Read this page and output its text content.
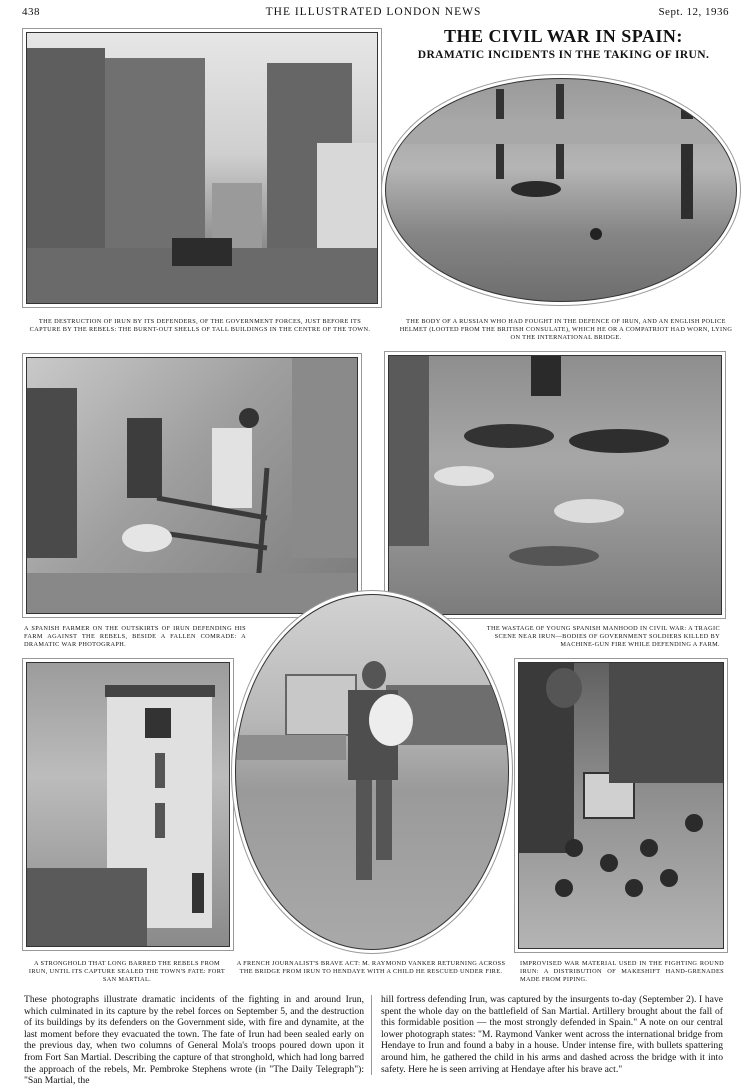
438	THE ILLUSTRATED LONDON NEWS	Sept. 12, 1936
THE CIVIL WAR IN SPAIN:
DRAMATIC INCIDENTS IN THE TAKING OF IRUN.
THE DESTRUCTION OF IRUN BY ITS DEFENDERS, OF THE GOVERNMENT FORCES, JUST BEFORE ITS CAPTURE BY THE REBELS: THE BURNT-OUT SHELLS OF TALL BUILDINGS IN THE CENTRE OF THE TOWN.
THE BODY OF A RUSSIAN WHO HAD FOUGHT IN THE DEFENCE OF IRUN, AND AN ENGLISH POLICE HELMET (LOOTED FROM THE BRITISH CONSULATE), WHICH HE OR A COMPATRIOT HAD WORN, LYING ON THE INTERNATIONAL BRIDGE.
A SPANISH FARMER ON THE OUTSKIRTS OF IRUN DEFENDING HIS FARM AGAINST THE REBELS, BESIDE A FALLEN COMRADE: A DRAMATIC WAR PHOTOGRAPH.
THE WASTAGE OF YOUNG SPANISH MANHOOD IN CIVIL WAR: A TRAGIC SCENE NEAR IRUN—BODIES OF GOVERNMENT SOLDIERS KILLED BY MACHINE-GUN FIRE WHILE DEFENDING A FARM.
A STRONGHOLD THAT LONG BARRED THE REBELS FROM IRUN, UNTIL ITS CAPTURE SEALED THE TOWN'S FATE: FORT SAN MARTIAL.
A FRENCH JOURNALIST'S BRAVE ACT: M. RAYMOND VANKER RETURNING ACROSS THE BRIDGE FROM IRUN TO HENDAYE WITH A CHILD HE RESCUED UNDER FIRE.
IMPROVISED WAR MATERIAL USED IN THE FIGHTING ROUND IRUN: A DISTRIBUTION OF MAKESHIFT HAND-GRENADES MADE FROM PIPING.
These photographs illustrate dramatic incidents of the fighting in and around Irun, which culminated in its capture by the rebel forces on September 5, and the destruction of its buildings by its defenders on the Government side, with fire and dynamite, at the last moment before they evacuated the town. The fate of Irun had been sealed early on the previous day, when two columns of General Mola's troops poured down upon it from Fort San Martial. Describing the capture of that stronghold, which had long barred the approach of the rebels, Mr. Pembroke Stephens wrote (in "The Daily Telegraph"): "San Martial, the
hill fortress defending Irun, was captured by the insurgents to-day (September 2). I have spent the whole day on the battlefield of San Martial. Artillery brought about the fall of this formidable position — the most strongly defended in Spain." A note on our central lower photograph states: "M. Raymond Vanker went across the international bridge from Hendaye to Irun and found a baby in a house. Under intense fire, with bullets spattering around him, he gathered the child in his arms and dashed across the bridge with it into safety. Here he is seen arriving at Hendaye after his brave act."
